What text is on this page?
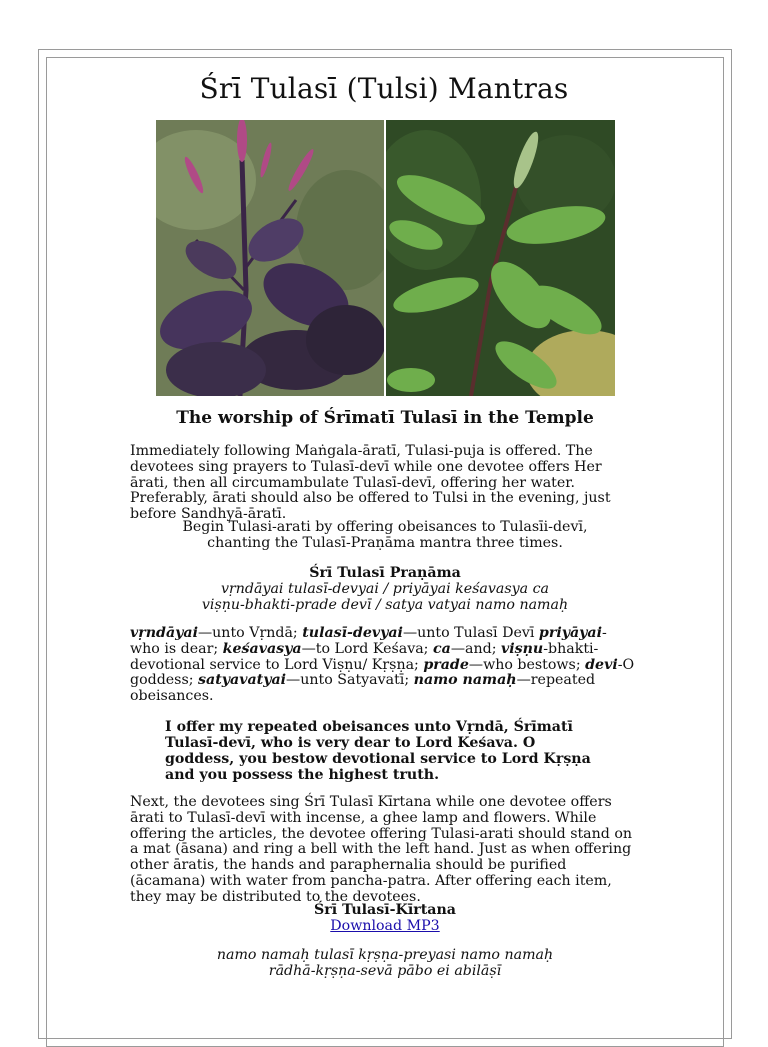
Śrī Tulasī (Tulsi) Mantras
The worship of Śrīmatī Tulasī in the Temple
Immediately following Maṅgala-āratī, Tulasi-puja is offered. The devotees sing prayers to Tulasī-devī while one devotee offers Her ārati, then all circumambulate Tulasī-devī, offering her water. Preferably, ārati should also be offered to Tulsi in the evening, just before Sandhyā-āratī.
Begin Tulasi-arati by offering obeisances to Tulasīi-devī,
chanting the Tulasī-Praṇāma mantra three times.
Śrī Tulasī Praṇāma
vṛndāyai tulasī-devyai / priyāyai keśavasya ca
viṣṇu-bhakti-prade devī / satya vatyai namo namaḥ
vṛndāyai—unto Vṛndā; tulasī-devyai—unto Tulasī Devī priyāyai- who is dear; keśavasya—to Lord Keśava; ca—and; viṣṇu-bhakti- devotional service to Lord Viṣṇu/ Kṛṣṇa; prade—who bestows; devi-O goddess; satyavatyai—unto Satyavatī; namo namaḥ—repeated obeisances.
I offer my repeated obeisances unto Vṛndā, Śrīmatī Tulasī-devī, who is very dear to Lord Keśava. O goddess, you bestow devotional service to Lord Kṛṣṇa and you possess the highest truth.
Next, the devotees sing Śrī Tulasī Kīrtana while one devotee offers ārati to Tulasī-devī with incense, a ghee lamp and flowers. While offering the articles, the devotee offering Tulasi-arati should stand on a mat (āsana) and ring a bell with the left hand. Just as when offering other āratis, the hands and paraphernalia should be purified (ācamana) with water from pancha-patra. After offering each item, they may be distributed to the devotees.
Śrī Tulasī-Kīrtana
Download MP3
namo namaḥ tulasī kṛṣṇa-preyasi namo namaḥ
rādhā-kṛṣṇa-sevā pābo ei abilāṣī
